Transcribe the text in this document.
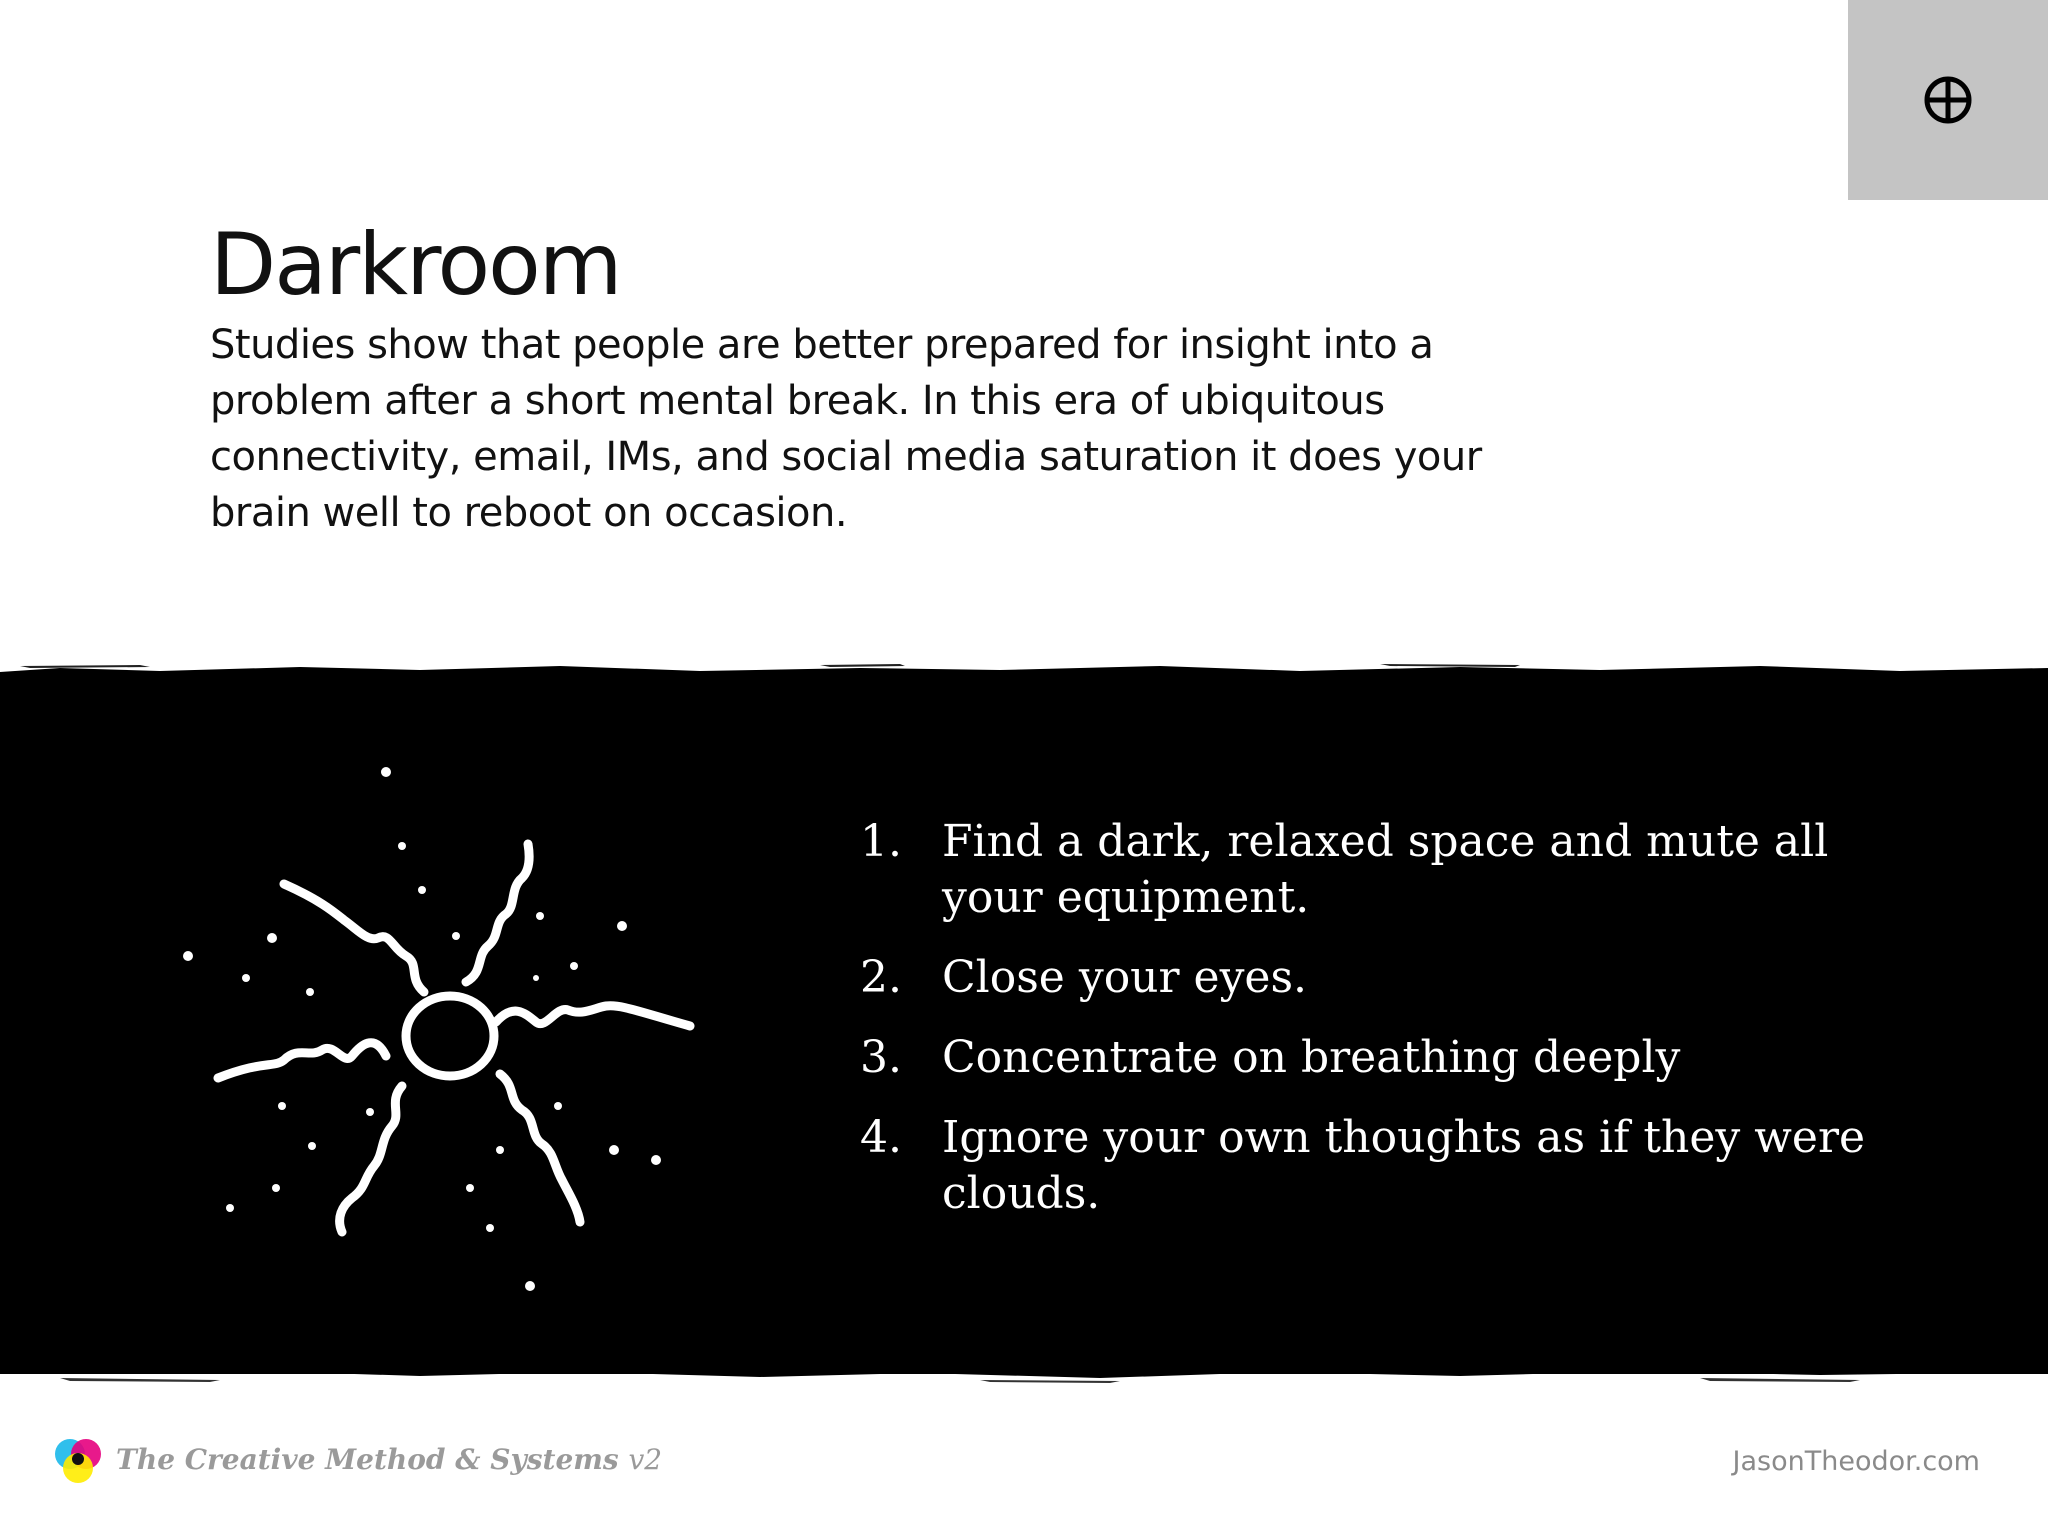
Darkroom

Studies show that people are better prepared for insight into a problem after a short mental break. In this era of ubiquitous connectivity, email, IMs, and social media saturation it does your brain well to reboot on occasion.

1. Find a dark, relaxed space and mute all your equipment.
2. Close your eyes.
3. Concentrate on breathing deeply
4. Ignore your own thoughts as if they were clouds.
The Creative Method & Systems v2	JasonTheodor.com
